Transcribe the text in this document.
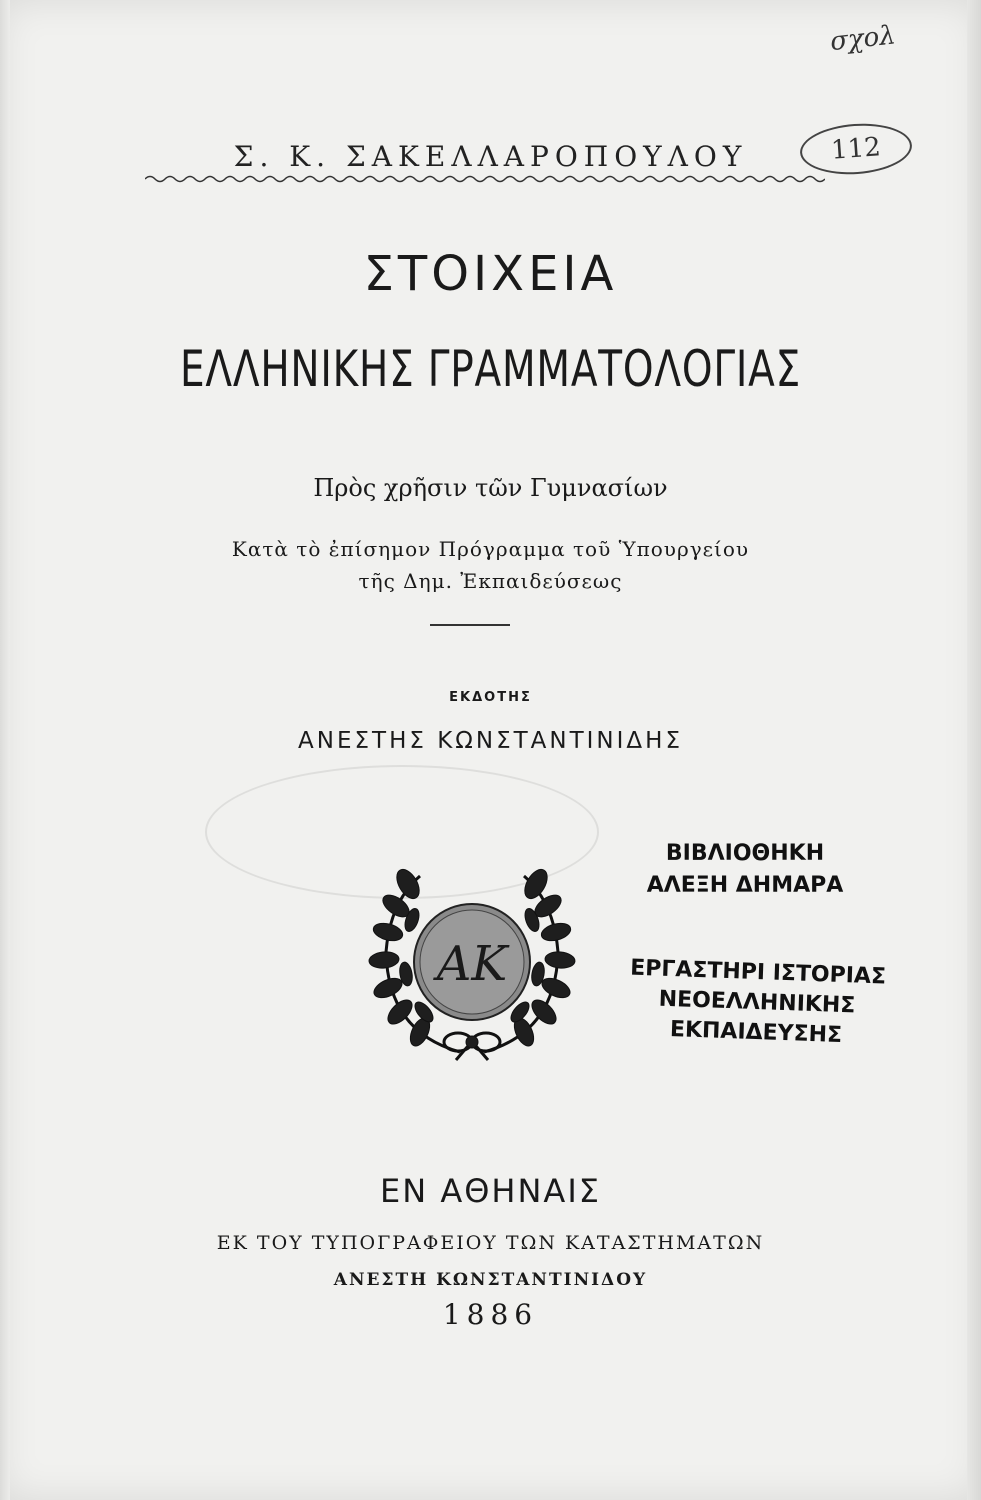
σχολ
112
Σ. Κ. ΣΑΚΕΛΛΑΡΟΠΟΥΛΟΥ
ΣΤΟΙΧΕΙΑ
ΕΛΛΗΝΙΚΗΣ ΓΡΑΜΜΑΤΟΛΟΓΙΑΣ
Πρὸς χρῆσιν τῶν Γυμνασίων
Κατὰ τὸ ἐπίσημον Πρόγραμμα τοῦ Ὑπουργείου
τῆς Δημ. Ἐκπαιδεύσεως
ΕΚΔΟΤΗΣ
ΑΝΕΣΤΗΣ ΚΩΝΣΤΑΝΤΙΝΙΔΗΣ
AK
ΒΙΒΛΙΟΘΗΚΗ
ΑΛΕΞΗ ΔΗΜΑΡΑ
ΕΡΓΑΣΤΗΡΙ ΙΣΤΟΡΙΑΣ
ΝΕΟΕΛΛΗΝΙΚΗΣ
ΕΚΠΑΙΔΕΥΣΗΣ
ΕΝ ΑΘΗΝΑΙΣ
ΕΚ ΤΟΥ ΤΥΠΟΓΡΑΦΕΙΟΥ ΤΩΝ ΚΑΤΑΣΤΗΜΑΤΩΝ
ΑΝΕΣΤΗ ΚΩΝΣΤΑΝΤΙΝΙΔΟΥ
1886
